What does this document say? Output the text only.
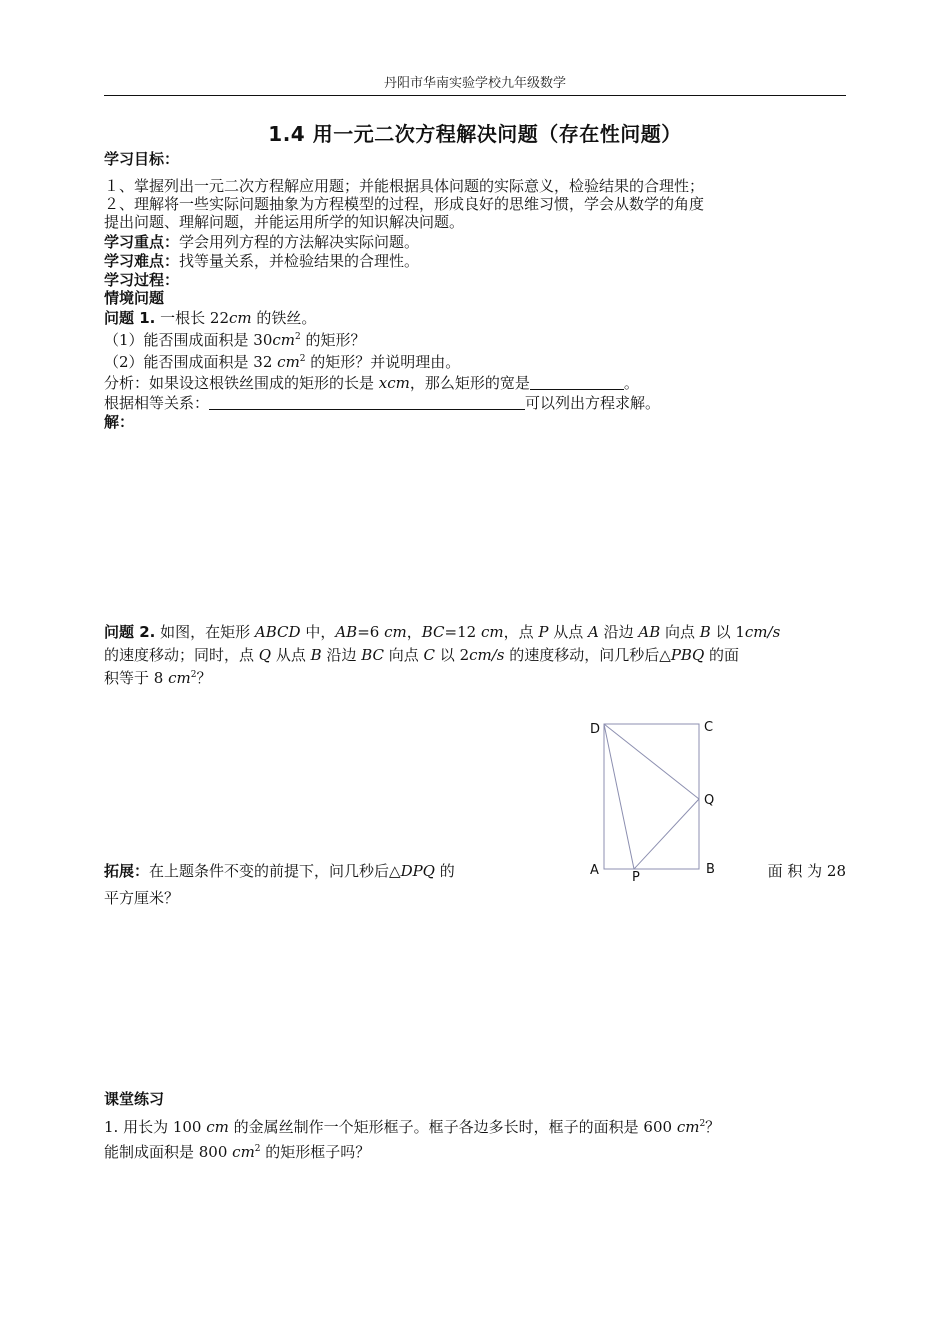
丹阳市华南实验学校九年级数学
1.4 用一元二次方程解决问题（存在性问题）
学习目标：
１、掌握列出一元二次方程解应用题；并能根据具体问题的实际意义，检验结果的合理性；
２、理解将一些实际问题抽象为方程模型的过程，形成良好的思维习惯，学会从数学的角度
提出问题、理解问题，并能运用所学的知识解决问题。
学习重点：学会用列方程的方法解决实际问题。
学习难点：找等量关系，并检验结果的合理性。
学习过程：
情境问题
问题 1. 一根长 22cm 的铁丝。
（1）能否围成面积是 $30cm^2$ 的矩形？
（2）能否围成面积是 32 $cm^2$ 的矩形？并说明理由。
分析：如果设这根铁丝围成的矩形的长是 xcm，那么矩形的宽是	。
根据相等关系：	可以列出方程求解。
解：
问题 2. 如图，在矩形 ABCD 中，AB=6 cm，BC=12 cm，点 P 从点 A 沿边 AB 向点 B 以 1cm/s
的速度移动；同时，点 Q 从点 B 沿边 BC 向点 C 以 2cm/s 的速度移动，问几秒后△PBQ 的面
积等于 8 $cm^2$？
D	C
Q
A	B
P
拓展：在上题条件不变的前提下，问几秒后△DPQ 的	面 积 为 28
平方厘米？
课堂练习
1. 用长为 100 cm 的金属丝制作一个矩形框子。框子各边多长时，框子的面积是 600 $cm^2$？
能制成面积是 800 $cm^2$ 的矩形框子吗？
